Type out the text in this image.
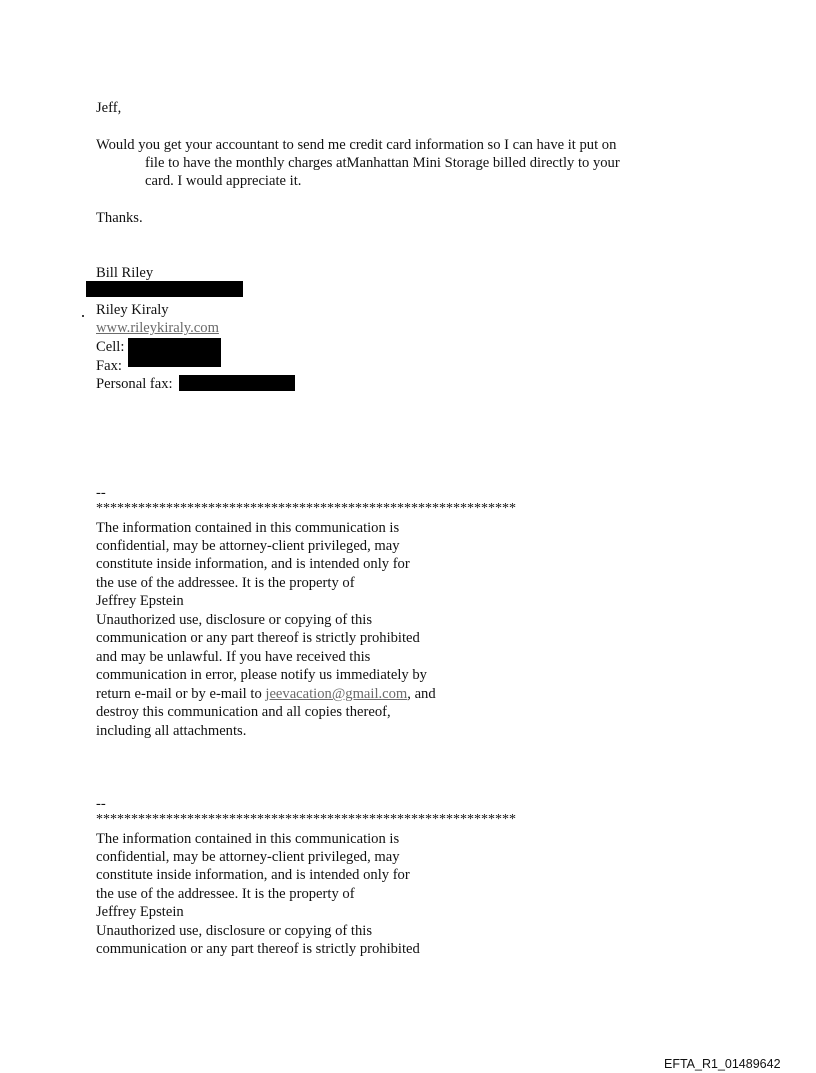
Jeff,
Would you get your accountant to send me credit card information so I can have it put on
file to have the monthly charges atManhattan Mini Storage billed directly to your
card. I would appreciate it.
Thanks.
Bill Riley
Riley Kiraly
www.rileykiraly.com
Cell:
Fax:
Personal fax:
--
************************************************************
The information contained in this communication is
confidential, may be attorney-client privileged, may
constitute inside information, and is intended only for
the use of the addressee. It is the property of
Jeffrey Epstein
Unauthorized use, disclosure or copying of this
communication or any part thereof is strictly prohibited
and may be unlawful. If you have received this
communication in error, please notify us immediately by
return e-mail or by e-mail to jeevacation@gmail.com, and
destroy this communication and all copies thereof,
including all attachments.
--
************************************************************
The information contained in this communication is
confidential, may be attorney-client privileged, may
constitute inside information, and is intended only for
the use of the addressee. It is the property of
Jeffrey Epstein
Unauthorized use, disclosure or copying of this
communication or any part thereof is strictly prohibited
EFTA_R1_01489642
